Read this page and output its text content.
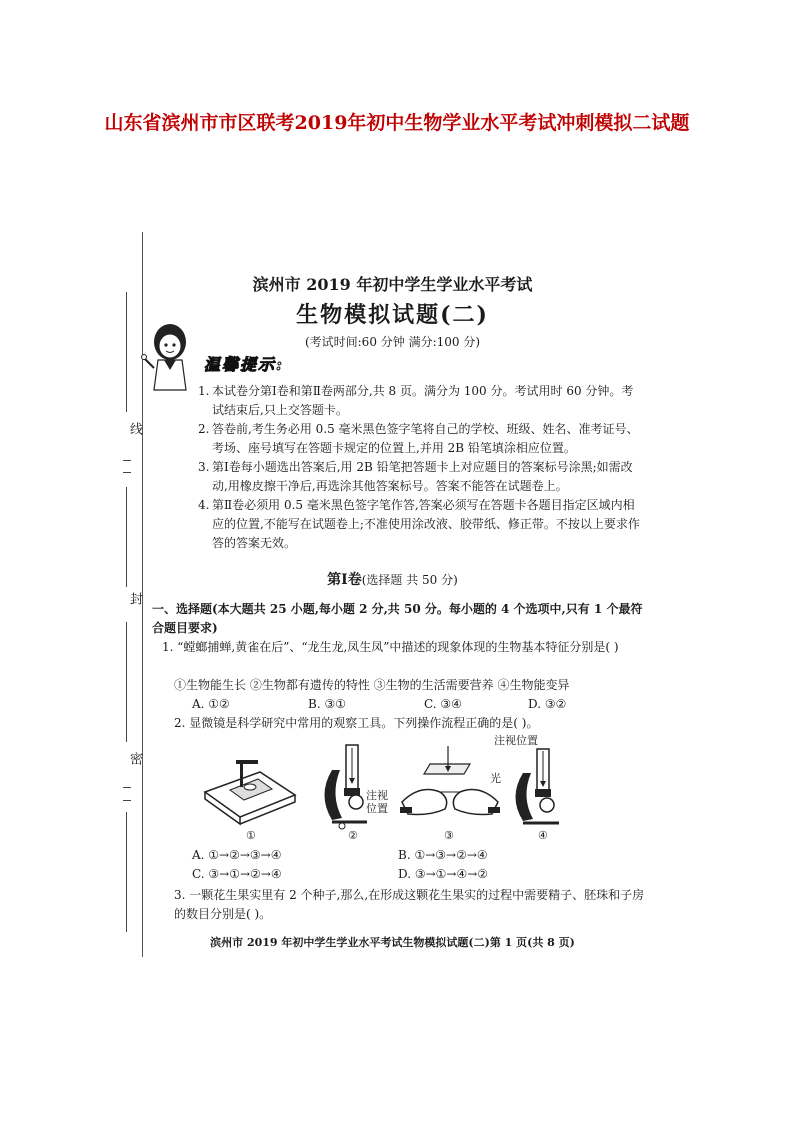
山东省滨州市市区联考2019年初中生物学业水平考试冲刺模拟二试题
线
封
密
滨州市 2019 年初中学生学业水平考试
生物模拟试题(二)
(考试时间:60 分钟 满分:100 分)
温馨提示:
1. 本试卷分第Ⅰ卷和第Ⅱ卷两部分,共 8 页。满分为 100 分。考试用时 60 分钟。考试结束后,只上交答题卡。
2. 答卷前,考生务必用 0.5 毫米黑色签字笔将自己的学校、班级、姓名、准考证号、考场、座号填写在答题卡规定的位置上,并用 2B 铅笔填涂相应位置。
3. 第Ⅰ卷每小题选出答案后,用 2B 铅笔把答题卡上对应题目的答案标号涂黑;如需改动,用橡皮擦干净后,再选涂其他答案标号。答案不能答在试题卷上。
4. 第Ⅱ卷必须用 0.5 毫米黑色签字笔作答,答案必须写在答题卡各题目指定区域内相应的位置,不能写在试题卷上;不准使用涂改液、胶带纸、修正带。不按以上要求作答的答案无效。
第Ⅰ卷(选择题 共 50 分)
一、选择题(本大题共 25 小题,每小题 2 分,共 50 分。每小题的 4 个选项中,只有 1 个最符合题目要求)
1. “螳螂捕蝉,黄雀在后”、“龙生龙,凤生凤”中描述的现象体现的生物基本特征分别是( )
①生物能生长 ②生物都有遗传的特性 ③生物的生活需要营养 ④生物能变异
A. ①②	B. ③①	C. ③④	D. ③②
2. 显微镜是科学研究中常用的观察工具。下列操作流程正确的是( )。
①
注视
位置
②
光
③
注视位置
④
A. ①→②→③→④	B. ①→③→②→④
C. ③→①→②→④	D. ③→①→④→②
3. 一颗花生果实里有 2 个种子,那么,在形成这颗花生果实的过程中需要精子、胚珠和子房的数目分别是( )。
滨州市 2019 年初中学生学业水平考试生物模拟试题(二)第 1 页(共 8 页)
